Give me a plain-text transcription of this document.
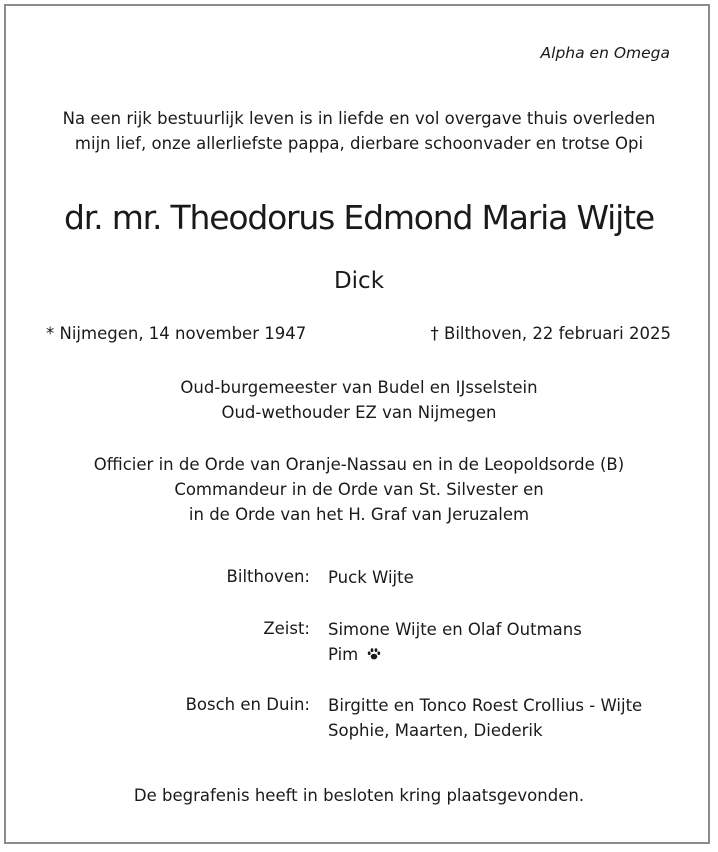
Alpha en Omega
Na een rijk bestuurlijk leven is in liefde en vol overgave thuis overleden
mijn lief, onze allerliefste pappa, dierbare schoonvader en trotse Opi
dr. mr. Theodorus Edmond Maria Wijte
Dick
* Nijmegen, 14 november 1947	† Bilthoven, 22 februari 2025
Oud-burgemeester van Budel en IJsselstein
Oud-wethouder EZ van Nijmegen
Officier in de Orde van Oranje-Nassau en in de Leopoldsorde (B)
Commandeur in de Orde van St. Silvester en
in de Orde van het H. Graf van Jeruzalem
Bilthoven: Puck Wijte
Zeist: Simone Wijte en Olaf Outmans
Pim
Bosch en Duin: Birgitte en Tonco Roest Crollius - Wijte
Sophie, Maarten, Diederik
De begrafenis heeft in besloten kring plaatsgevonden.
